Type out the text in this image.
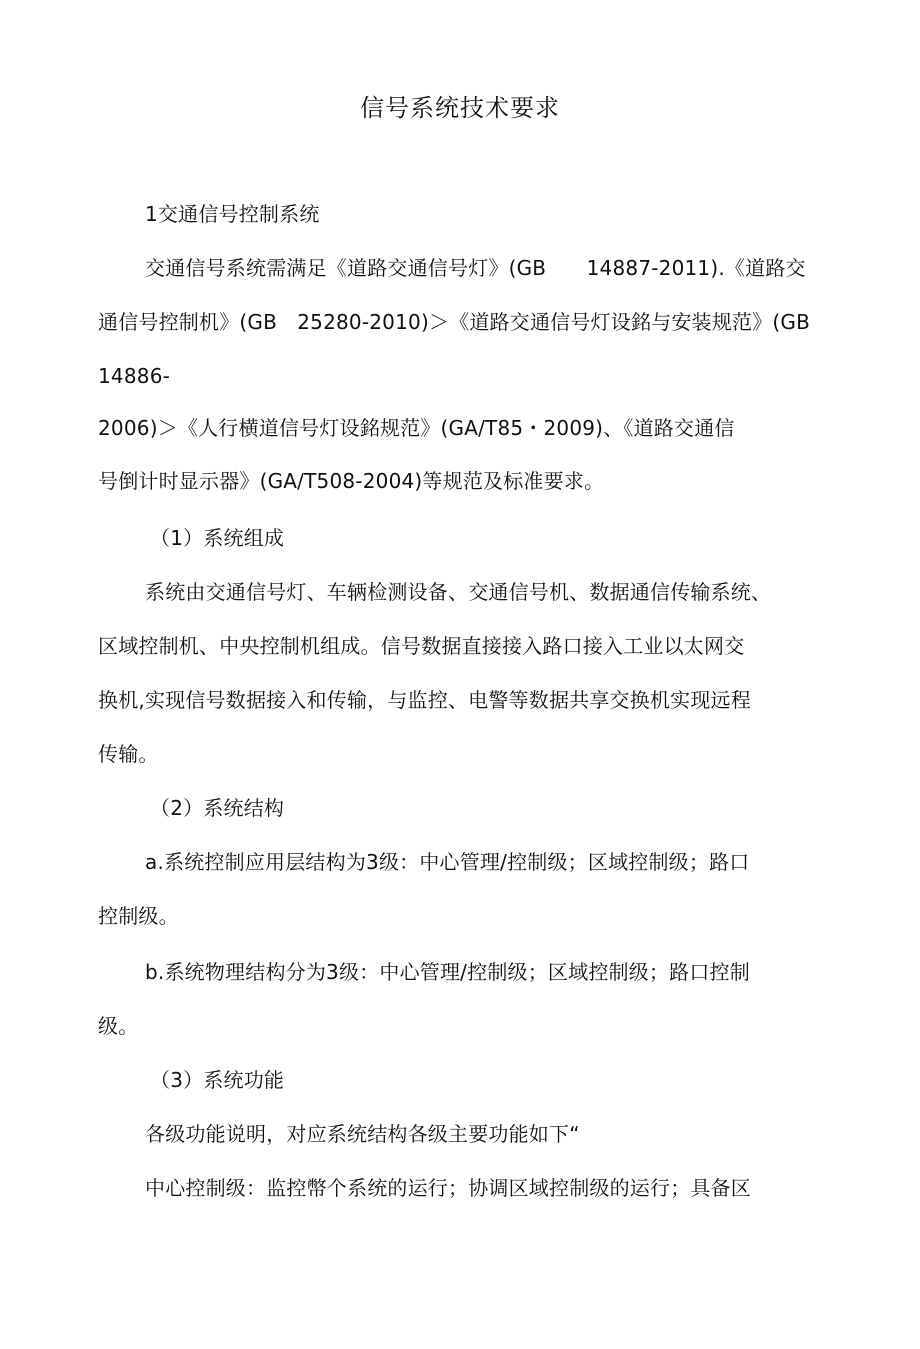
信号系统技术要求

1交通信号控制系统

交通信号系统需满足《道路交通信号灯》(GB　　14887-2011).《道路交

通信号控制机》(GB　25280-2010)＞《道路交通信号灯设銘与安装规范》(GB

14886-

2006)＞《人行横道信号灯设銘规范》(GA/T85・2009)、《道路交通信

号倒计时显示器》(GA/T508-2004)等规范及标准要求。

（1）系统组成

系统由交通信号灯、车辆检测设备、交通信号机、数据通信传输系统、

区域控制机、中央控制机组成。信号数据直接接入路口接入工业以太网交

换机,实现信号数据接入和传输，与监控、电警等数据共享交换机实现远程

传输。

（2）系统结构

a.系统控制应用层结构为3级：中心管理/控制级；区域控制级；路口

控制级。

b.系统物理结构分为3级：中心管理/控制级；区域控制级；路口控制

级。

（3）系统功能

各级功能说明，对应系统结构各级主要功能如下“

中心控制级：监控幣个系统的运行；协调区域控制级的运行；具备区
